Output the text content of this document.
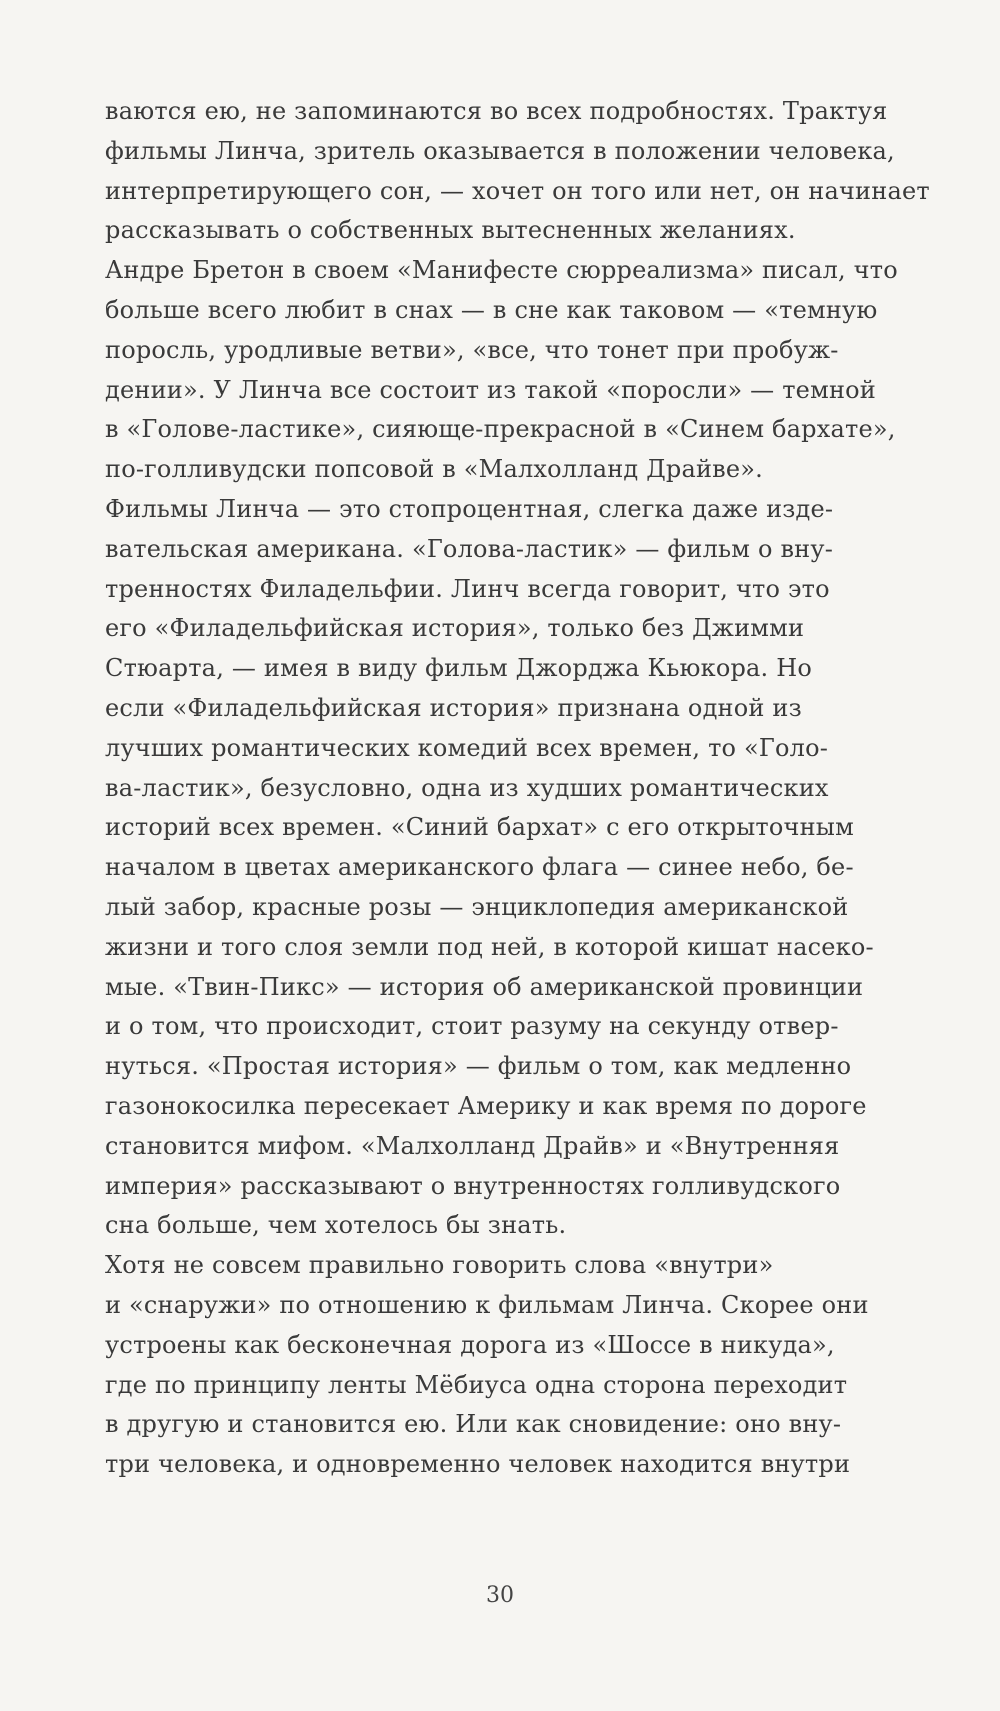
ваются ею, не запоминаются во всех подробностях. Трактуя
фильмы Линча, зритель оказывается в положении человека,
интерпретирующего сон, — хочет он того или нет, он начинает
рассказывать о собственных вытесненных желаниях.
Андре Бретон в своем «Манифесте сюрреализма» писал, что
больше всего любит в снах — в сне как таковом — «темную
поросль, уродливые ветви», «все, что тонет при пробуж-
дении». У Линча все состоит из такой «поросли» — темной
в «Голове-ластике», сияюще-прекрасной в «Синем бархате»,
по-голливудски попсовой в «Малхолланд Драйве».
Фильмы Линча — это стопроцентная, слегка даже изде-
вательская американа. «Голова-ластик» — фильм о вну-
тренностях Филадельфии. Линч всегда говорит, что это
его «Филадельфийская история», только без Джимми
Стюарта, — имея в виду фильм Джорджа Кьюкора. Но
если «Филадельфийская история» признана одной из
лучших романтических комедий всех времен, то «Голо-
ва-ластик», безусловно, одна из худших романтических
историй всех времен. «Синий бархат» с его открыточным
началом в цветах американского флага — синее небо, бе-
лый забор, красные розы — энциклопедия американской
жизни и того слоя земли под ней, в которой кишат насеко-
мые. «Твин-Пикс» — история об американской провинции
и о том, что происходит, стоит разуму на секунду отвер-
нуться. «Простая история» — фильм о том, как медленно
газонокосилка пересекает Америку и как время по дороге
становится мифом. «Малхолланд Драйв» и «Внутренняя
империя» рассказывают о внутренностях голливудского
сна больше, чем хотелось бы знать.
Хотя не совсем правильно говорить слова «внутри»
и «снаружи» по отношению к фильмам Линча. Скорее они
устроены как бесконечная дорога из «Шоссе в никуда»,
где по принципу ленты Мёбиуса одна сторона переходит
в другую и становится ею. Или как сновидение: оно вну-
три человека, и одновременно человек находится внутри
30
